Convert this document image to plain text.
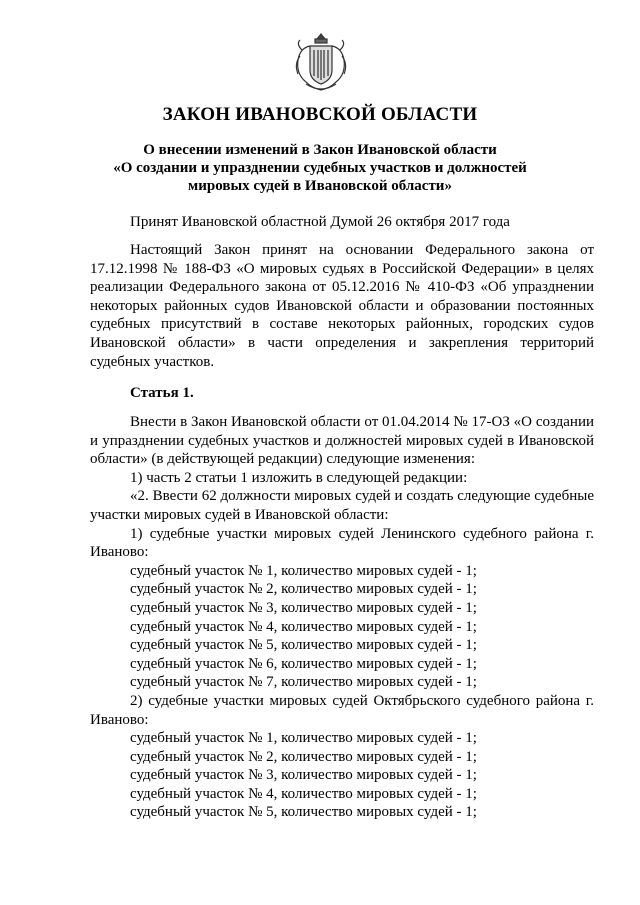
ЗАКОН ИВАНОВСКОЙ ОБЛАСТИ
О внесении изменений в Закон Ивановской области
«О создании и упразднении судебных участков и должностей
мировых судей в Ивановской области»
Принят Ивановской областной Думой 26 октября 2017 года

Настоящий Закон принят на основании Федерального закона от 17.12.1998 № 188-ФЗ «О мировых судьях в Российской Федерации» в целях реализации Федерального закона от 05.12.2016 № 410-ФЗ «Об упразднении некоторых районных судов Ивановской области и образовании постоянных судебных присутствий в составе некоторых районных, городских судов Ивановской области» в части определения и закрепления территорий судебных участков.

Статья 1.

Внести в Закон Ивановской области от 01.04.2014 № 17-ОЗ «О создании и упразднении судебных участков и должностей мировых судей в Ивановской области» (в действующей редакции) следующие изменения:

1) часть 2 статьи 1 изложить в следующей редакции:

«2. Ввести 62 должности мировых судей и создать следующие судебные участки мировых судей в Ивановской области:

1) судебные участки мировых судей Ленинского судебного района г. Иваново:

судебный участок № 1, количество мировых судей - 1;

судебный участок № 2, количество мировых судей - 1;

судебный участок № 3, количество мировых судей - 1;

судебный участок № 4, количество мировых судей - 1;

судебный участок № 5, количество мировых судей - 1;

судебный участок № 6, количество мировых судей - 1;

судебный участок № 7, количество мировых судей - 1;

2) судебные участки мировых судей Октябрьского судебного района г. Иваново:

судебный участок № 1, количество мировых судей - 1;

судебный участок № 2, количество мировых судей - 1;

судебный участок № 3, количество мировых судей - 1;

судебный участок № 4, количество мировых судей - 1;

судебный участок № 5, количество мировых судей - 1;
